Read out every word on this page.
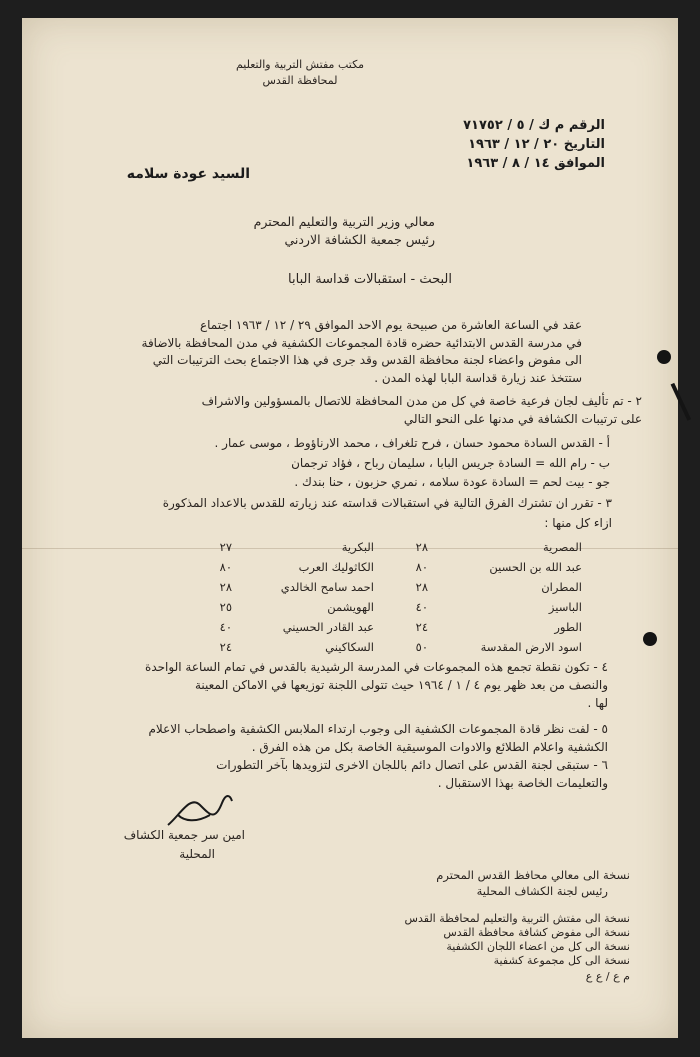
مكتب مفتش التربية والتعليم
لمحافظة القدس
الرقم م ك / ٥ / ٧١٧٥٢
التاريخ ٢٠ / ١٢ / ١٩٦٣
الموافق ١٤ / ٨ / ١٩٦٣
السيد عودة سلامه
معالي وزير التربية والتعليم المحترم
رئيس جمعية الكشافة الاردني
البحث - استقبالات قداسة البابا
عقد في الساعة العاشرة من صبيحة يوم الاحد الموافق ٢٩ / ١٢ / ١٩٦٣ اجتماع
في مدرسة القدس الابتدائية حضره قادة المجموعات الكشفية في مدن المحافظة بالاضافة
الى مفوض واعضاء لجنة محافظة القدس وقد جرى في هذا الاجتماع بحث الترتيبات التي
ستتخذ عند زيارة قداسة البابا لهذه المدن .
٢ - تم تأليف لجان فرعية خاصة في كل من مدن المحافظة للاتصال بالمسؤولين والاشراف
على ترتيبات الكشافة في مدنها على النحو التالي
أ - القدس السادة محمود حسان ، فرح تلغراف ، محمد الارناؤوط ، موسى عمار .
ب - رام الله = السادة جريس البابا ، سليمان رباح ، فؤاد ترجمان
جو - بيت لحم = السادة عودة سلامه ، نمري حزبون ، حنا بندك .
٣ - تقرر ان تشترك الفرق التالية في استقبالات قداسته عند زيارته للقدس بالاعداد المذكورة
ازاء كل منها :
المصرية
٢٨
البكرية
٢٧
عبد الله بن الحسين
٨٠
الكاثوليك العرب
٨٠
المطران
٢٨
احمد سامح الخالدي
٢٨
الباسيز
٤٠
الهويشمن
٢٥
الطور
٢٤
عبد القادر الحسيني
٤٠
اسود الارض المقدسة
٥٠
السكاكيني
٢٤
٤ - تكون نقطة تجمع هذه المجموعات في المدرسة الرشيدية بالقدس في تمام الساعة الواحدة
والنصف من بعد ظهر يوم ٤ / ١ / ١٩٦٤ حيث تتولى اللجنة توزيعها في الاماكن المعينة
لها .
٥ - لفت نظر قادة المجموعات الكشفية الى وجوب ارتداء الملابس الكشفية واصطحاب الاعلام
الكشفية واعلام الطلائع والادوات الموسيقية الخاصة بكل من هذه الفرق .
٦ - ستبقى لجنة القدس على اتصال دائم باللجان الاخرى لتزويدها بآخر التطورات
والتعليمات الخاصة بهذا الاستقبال .
امين سر جمعية الكشاف
المحلية
نسخة الى معالي محافظ القدس المحترم
رئيس لجنة الكشاف المحلية
نسخة الى مفتش التربية والتعليم لمحافظة القدس
نسخة الى مفوض كشافة محافظة القدس
نسخة الى كل من اعضاء اللجان الكشفية
نسخة الى كل مجموعة كشفية
م ع / ع ع
